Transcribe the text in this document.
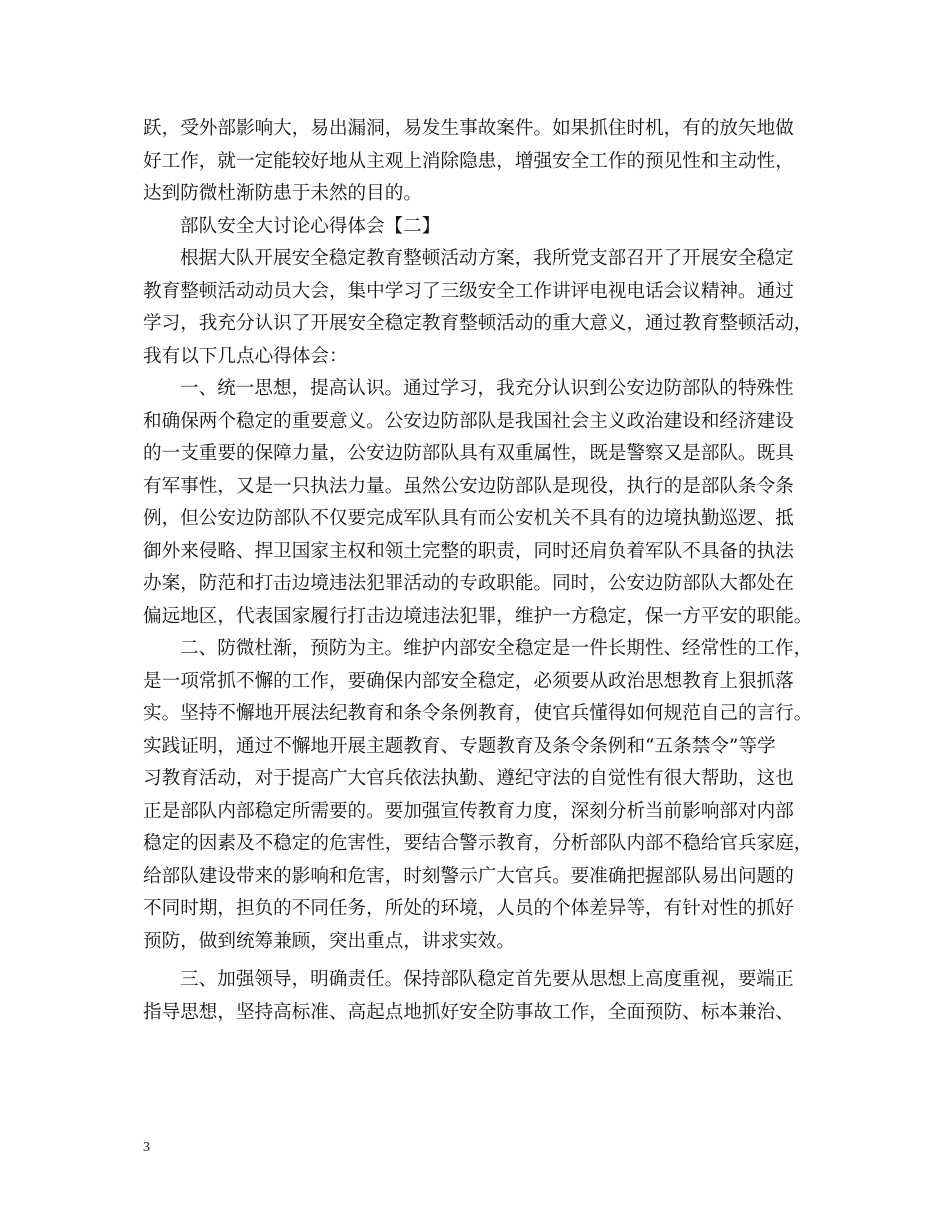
跃，受外部影响大，易出漏洞，易发生事故案件。如果抓住时机，有的放矢地做
好工作，就一定能较好地从主观上消除隐患，增强安全工作的预见性和主动性，
达到防微杜渐防患于未然的目的。
部队安全大讨论心得体会【二】
根据大队开展安全稳定教育整顿活动方案，我所党支部召开了开展安全稳定
教育整顿活动动员大会，集中学习了三级安全工作讲评电视电话会议精神。通过
学习，我充分认识了开展安全稳定教育整顿活动的重大意义，通过教育整顿活动，
我有以下几点心得体会：
一、统一思想，提高认识。通过学习，我充分认识到公安边防部队的特殊性
和确保两个稳定的重要意义。公安边防部队是我国社会主义政治建设和经济建设
的一支重要的保障力量，公安边防部队具有双重属性，既是警察又是部队。既具
有军事性，又是一只执法力量。虽然公安边防部队是现役，执行的是部队条令条
例，但公安边防部队不仅要完成军队具有而公安机关不具有的边境执勤巡逻、抵
御外来侵略、捍卫国家主权和领土完整的职责，同时还肩负着军队不具备的执法
办案，防范和打击边境违法犯罪活动的专政职能。同时，公安边防部队大都处在
偏远地区，代表国家履行打击边境违法犯罪，维护一方稳定，保一方平安的职能。
二、防微杜渐，预防为主。维护内部安全稳定是一件长期性、经常性的工作，
是一项常抓不懈的工作，要确保内部安全稳定，必须要从政治思想教育上狠抓落
实。坚持不懈地开展法纪教育和条令条例教育，使官兵懂得如何规范自己的言行。
实践证明，通过不懈地开展主题教育、专题教育及条令条例和“五条禁令”等学
习教育活动，对于提高广大官兵依法执勤、遵纪守法的自觉性有很大帮助，这也
正是部队内部稳定所需要的。要加强宣传教育力度，深刻分析当前影响部对内部
稳定的因素及不稳定的危害性，要结合警示教育，分析部队内部不稳给官兵家庭，
给部队建设带来的影响和危害，时刻警示广大官兵。要准确把握部队易出问题的
不同时期，担负的不同任务，所处的环境，人员的个体差异等，有针对性的抓好
预防，做到统筹兼顾，突出重点，讲求实效。
三、加强领导，明确责任。保持部队稳定首先要从思想上高度重视，要端正
指导思想，坚持高标准、高起点地抓好安全防事故工作，全面预防、标本兼治、
3
